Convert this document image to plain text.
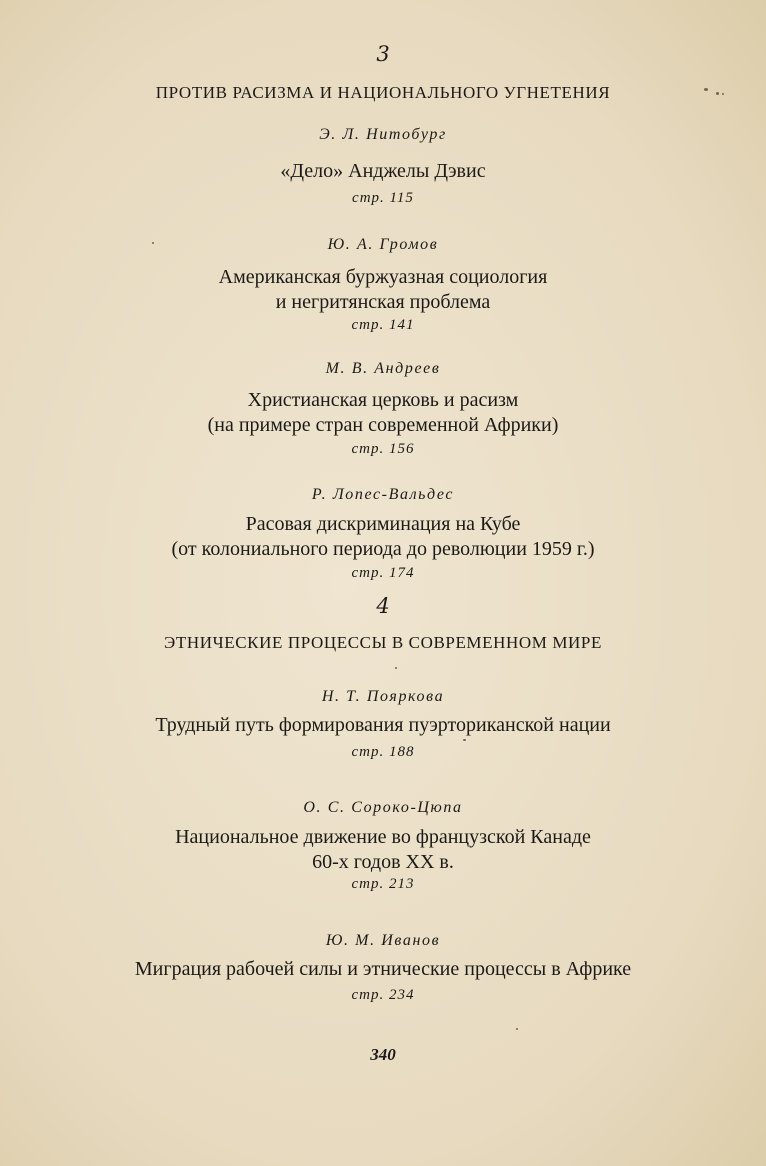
3
ПРОТИВ РАСИЗМА И НАЦИОНАЛЬНОГО УГНЕТЕНИЯ
Э. Л. Нитобург
«Дело» Анджелы Дэвис
стр. 115
Ю. А. Громов
Американская буржуазная социология
и негритянская проблема
стр. 141
М. В. Андреев
Христианская церковь и расизм
(на примере стран современной Африки)
стр. 156
Р. Лопес-Вальдес
Расовая дискриминация на Кубе
(от колониального периода до революции 1959 г.)
стр. 174
4
ЭТНИЧЕСКИЕ ПРОЦЕССЫ В СОВРЕМЕННОМ МИРЕ
Н. Т. Пояркова
Трудный путь формирования пуэрториканской нации
стр. 188
О. С. Сороко-Цюпа
Национальное движение во французской Канаде
60-х годов XX в.
стр. 213
Ю. М. Иванов
Миграция рабочей силы и этнические процессы в Африке
стр. 234
340
